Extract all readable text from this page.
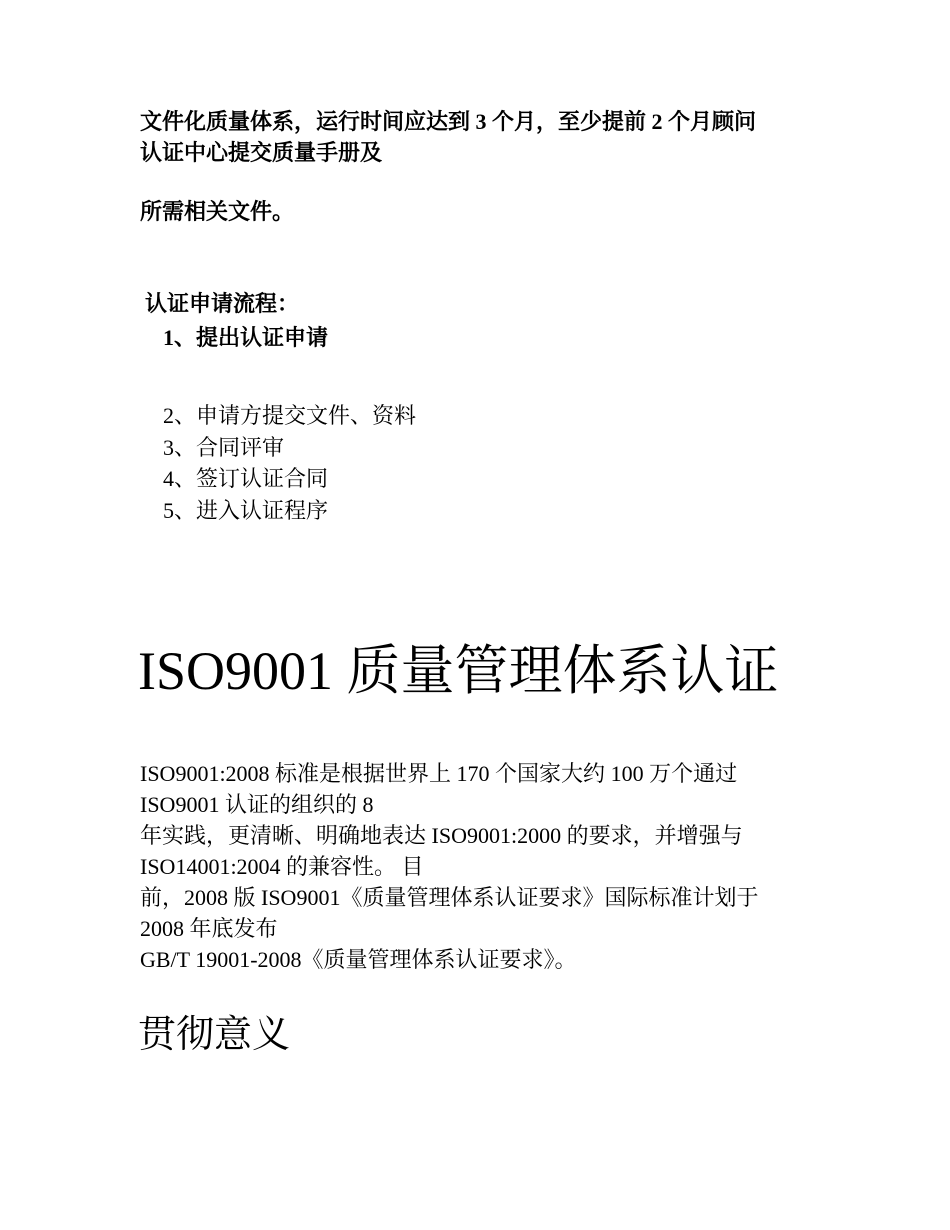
文件化质量体系，运行时间应达到 3 个月，至少提前 2 个月顾问

认证中心提交质量手册及

所需相关文件。

认证申请流程：
1、提出认证申请
2、申请方提交文件、资料
3、合同评审
4、签订认证合同
5、进入认证程序
ISO9001 质量管理体系认证

ISO9001:2008 标准是根据世界上 170 个国家大约 100 万个通过

ISO9001 认证的组织的 8

年实践，更清晰、明确地表达 ISO9001:2000 的要求，并增强与

ISO14001:2004 的兼容性。 目

前，2008 版 ISO9001《质量管理体系认证要求》国际标准计划于

2008 年底发布

GB/T 19001-2008《质量管理体系认证要求》。

贯彻意义
